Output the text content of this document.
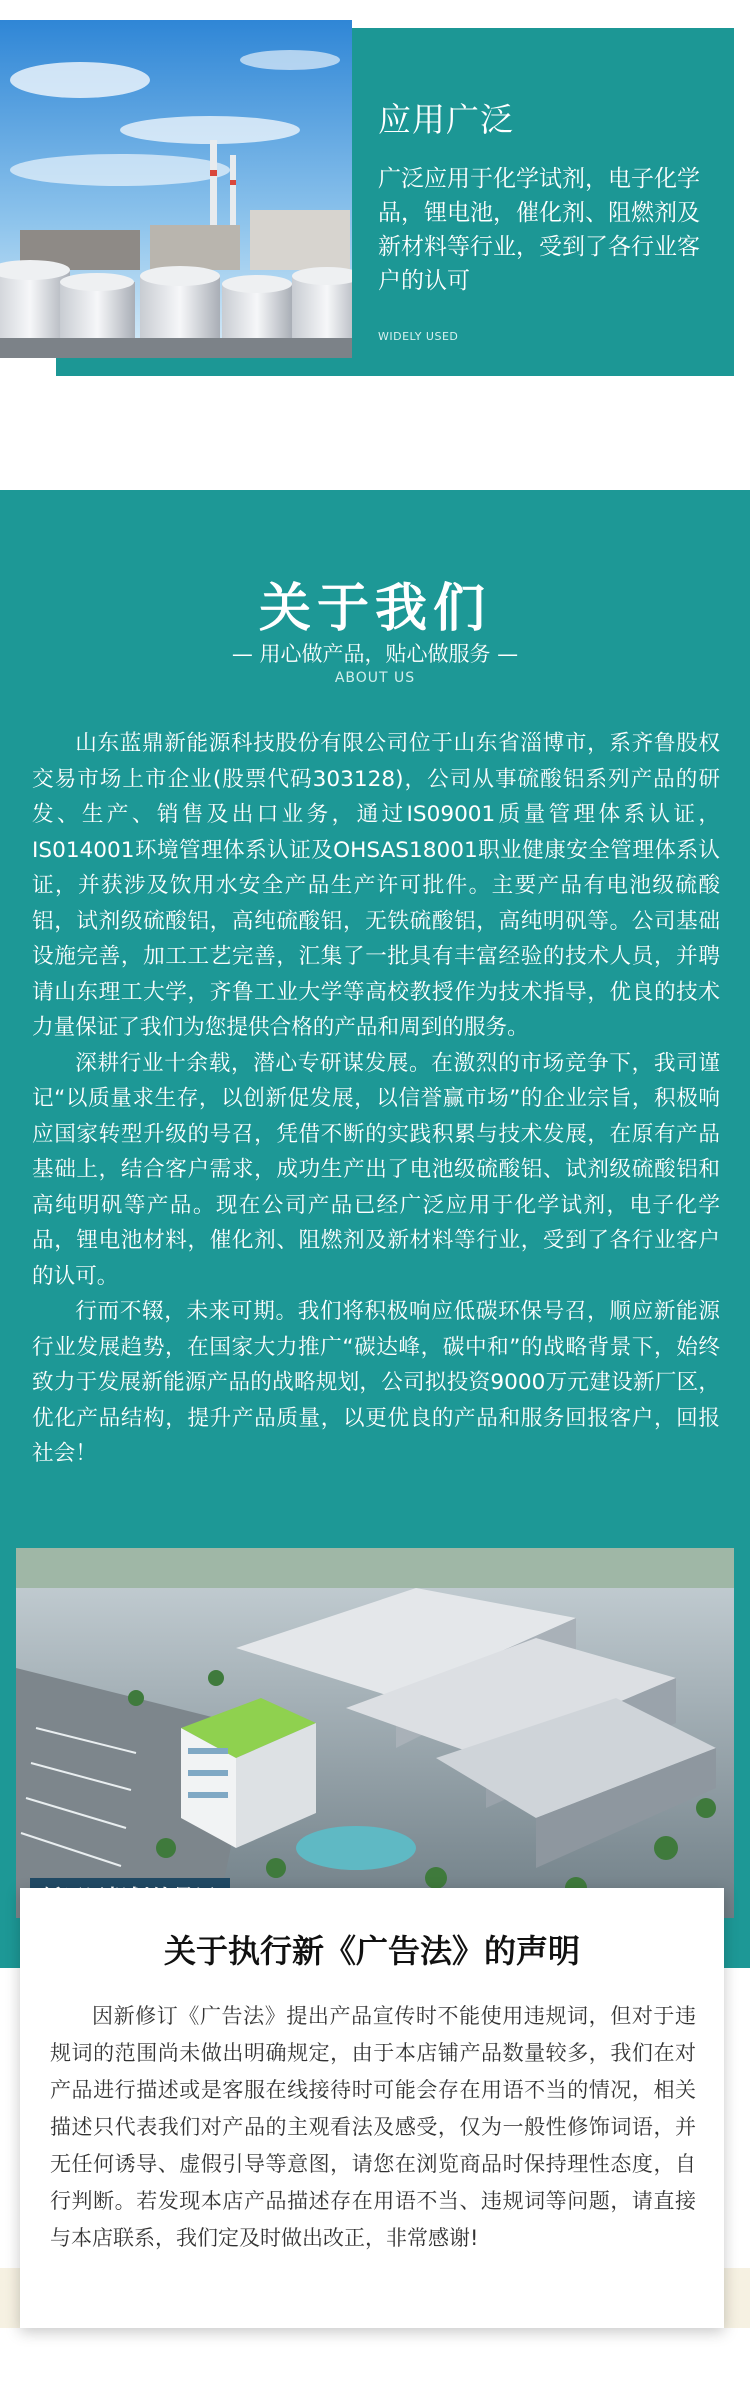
应用广泛
广泛应用于化学试剂，电子化学品，锂电池，催化剂、阻燃剂及新材料等行业，受到了各行业客户的认可
WIDELY USED
关于我们
— 用心做产品，贴心做服务 —
ABOUT US

山东蓝鼎新能源科技股份有限公司位于山东省淄博市，系齐鲁股权交易市场上市企业(股票代码303128)，公司从事硫酸铝系列产品的研发、生产、销售及出口业务，通过IS09001质量管理体系认证，IS014001环境管理体系认证及OHSAS18001职业健康安全管理体系认证，并获涉及饮用水安全产品生产许可批件。主要产品有电池级硫酸铝，试剂级硫酸铝，高纯硫酸铝，无铁硫酸铝，高纯明矾等。公司基础设施完善，加工工艺完善，汇集了一批具有丰富经验的技术人员，并聘请山东理工大学，齐鲁工业大学等高校教授作为技术指导，优良的技术力量保证了我们为您提供合格的产品和周到的服务。

深耕行业十余载，潜心专研谋发展。在激烈的市场竞争下，我司谨记“以质量求生存，以创新促发展，以信誉赢市场”的企业宗旨，积极响应国家转型升级的号召，凭借不断的实践积累与技术发展，在原有产品基础上，结合客户需求，成功生产出了电池级硫酸铝、试剂级硫酸铝和高纯明矾等产品。现在公司产品已经广泛应用于化学试剂，电子化学品，锂电池材料，催化剂、阻燃剂及新材料等行业，受到了各行业客户的认可。

行而不辍，未来可期。我们将积极响应低碳环保号召，顺应新能源行业发展趋势，在国家大力推广“碳达峰，碳中和”的战略背景下，始终致力于发展新能源产品的战略规划，公司拟投资9000万元建设新厂区，优化产品结构，提升产品质量，以更优良的产品和服务回报客户，回报社会！

关于执行新《广告法》的声明

因新修订《广告法》提出产品宣传时不能使用违规词，但对于违规词的范围尚未做出明确规定，由于本店铺产品数量较多，我们在对产品进行描述或是客服在线接待时可能会存在用语不当的情况，相关描述只代表我们对产品的主观看法及感受，仅为一般性修饰词语，并无任何诱导、虚假引导等意图，请您在浏览商品时保持理性态度，自行判断。若发现本店产品描述存在用语不当、违规词等问题，请直接与本店联系，我们定及时做出改正，非常感谢!
